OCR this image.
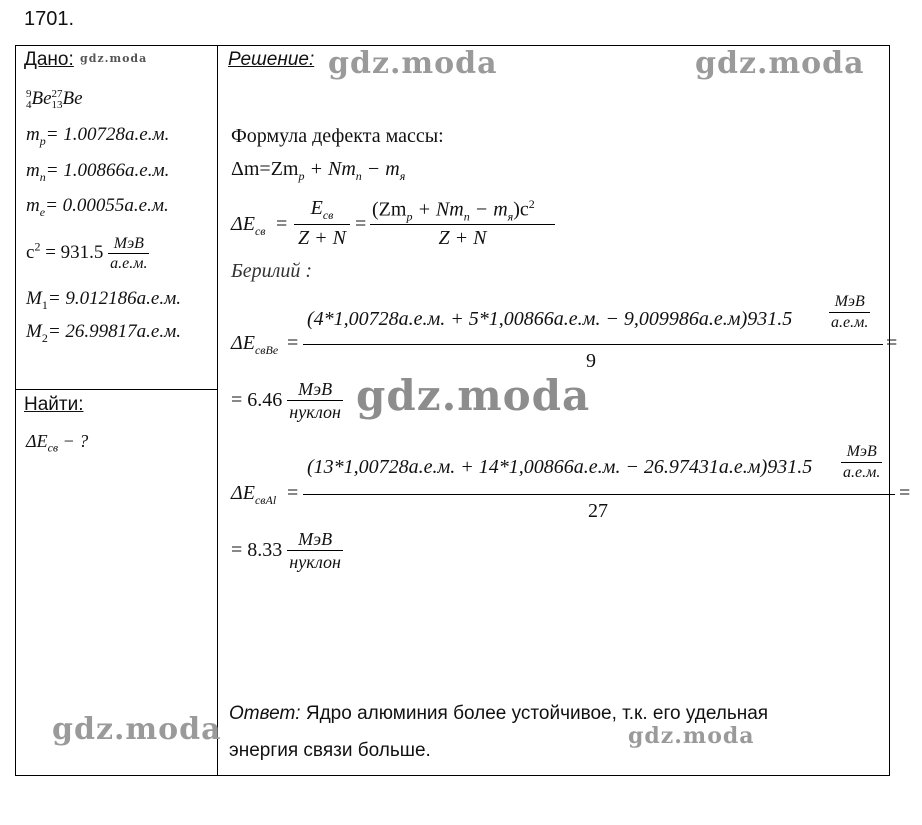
1701.
Дано:
9
4Be27
13Be
$m_p= 1.00728а.е.м$.
$m_n= 1.00866а.е.м$.
$m_e= 0.00055а.е.м$.
$c^2 = 931.5$ МэВ
а.е.м.
$M_1= 9.012186а.е.м$.
$M_2= 26.99817а.е.м$.
Найти:
$\Delta E_{св}$ − ?
Решение:
Формула дефекта массы:
$\Delta m=Zm_p + Nm_n - m_я$
$\Delta E_{св}$ =
$E_{св}$
Z + N
=
$(Zm_p + Nm_n - m_я)c^2$
Z + N
Берилий :
$\Delta E_{свBe}$ =
(4*1,00728а.е.м. + 5*1,00866а.е.м. − 9,009986а.е.м)931.5
МэВ
а.е.м.
9
=
= 6.46 МэВ
нуклон
$\Delta E_{свAl}$ =
(13*1,00728а.е.м. + 14*1,00866а.е.м. − 26.97431а.е.м)931.5
МэВ
а.е.м.
27
=
= 8.33 МэВ
нуклон
Ответ: Ядро алюминия более устойчивое, т.к. его удельная
энергия связи больше.
gdz.moda	gdz.moda	gdz.moda
gdz.moda
gdz.moda	gdz.moda
